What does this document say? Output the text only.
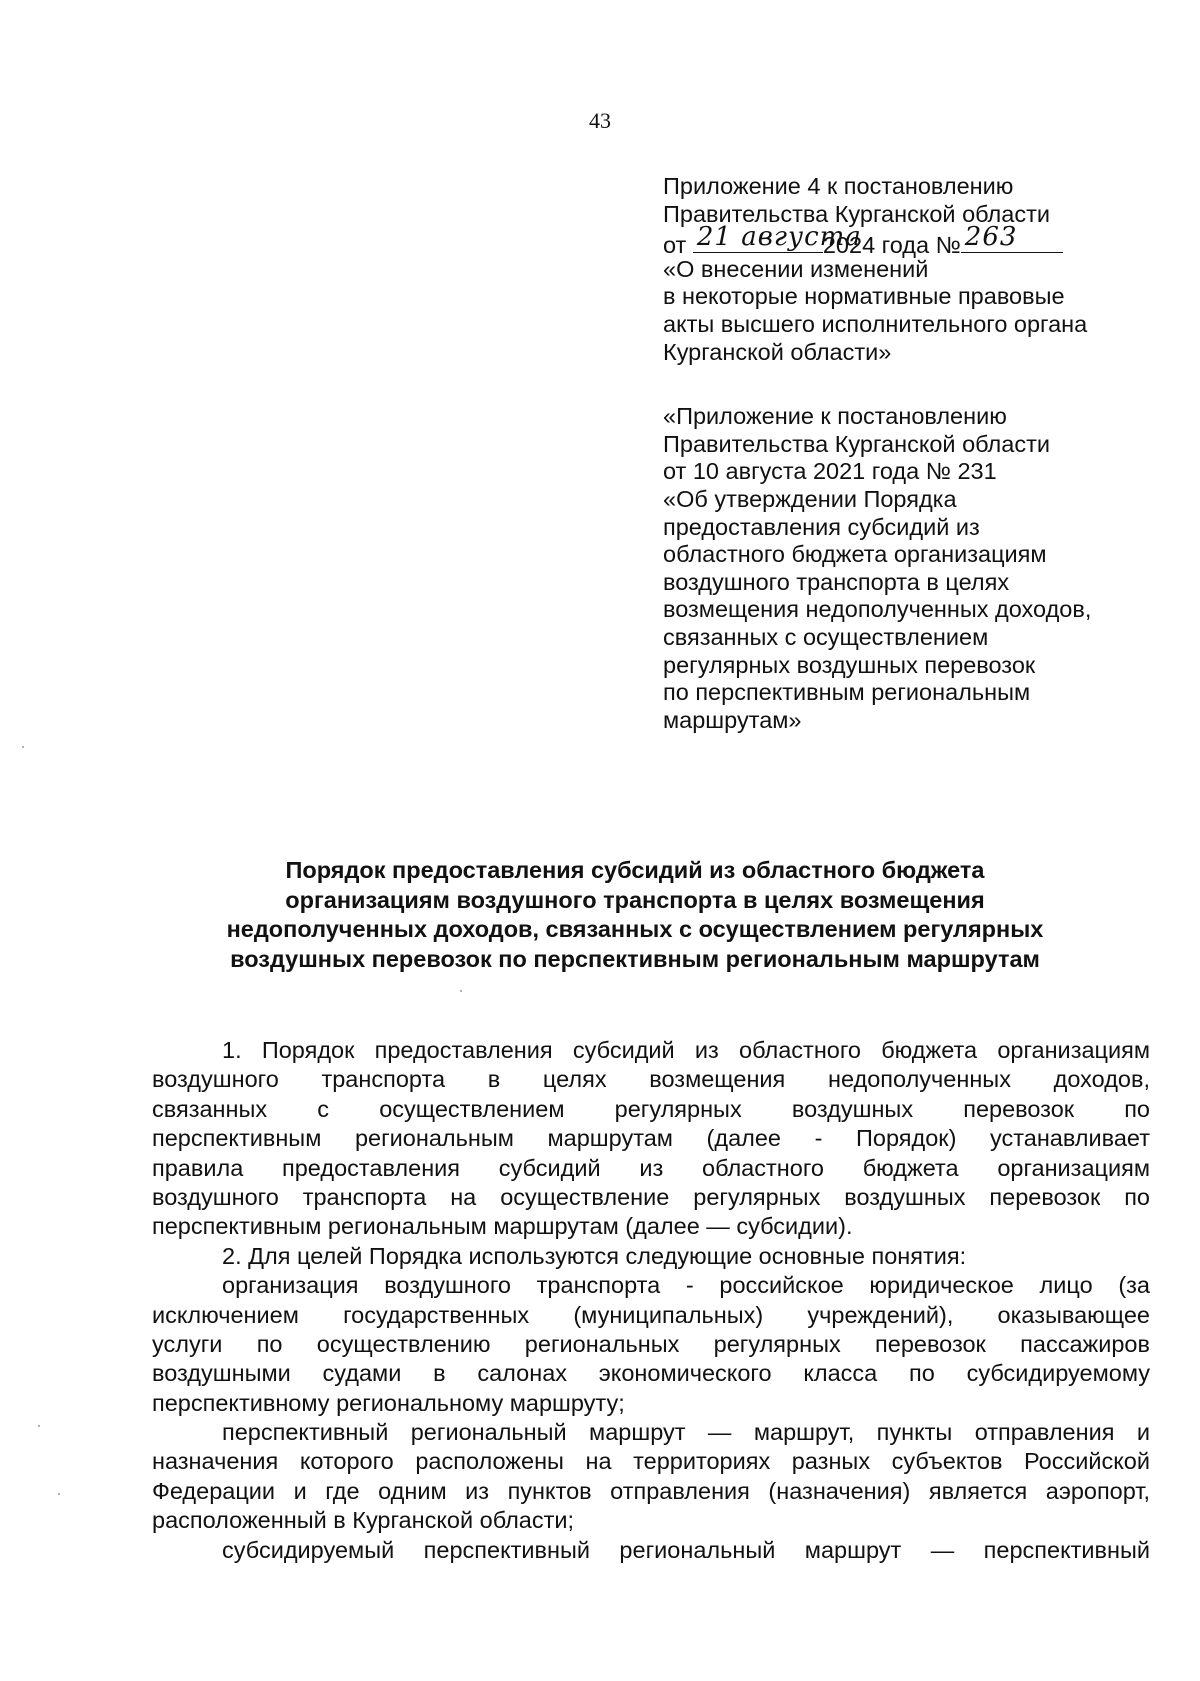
43
Приложение 4 к постановлению
Правительства Курганской области
от 21 августа
2024 года № 263
«О внесении изменений
в некоторые нормативные правовые
акты высшего исполнительного органа
Курганской области»
«Приложение к постановлению
Правительства Курганской области
от 10 августа 2021 года № 231
«Об утверждении Порядка
предоставления субсидий из
областного бюджета организациям
воздушного транспорта в целях
возмещения недополученных доходов,
связанных с осуществлением
регулярных воздушных перевозок
по перспективным региональным
маршрутам»
Порядок предоставления субсидий из областного бюджета
организациям воздушного транспорта в целях возмещения
недополученных доходов, связанных с осуществлением регулярных
воздушных перевозок по перспективным региональным маршрутам
1. Порядок предоставления субсидий из областного бюджета организациям
воздушного транспорта в целях возмещения недополученных доходов,
связанных с осуществлением регулярных воздушных перевозок по
перспективным региональным маршрутам (далее - Порядок) устанавливает
правила предоставления субсидий из областного бюджета организациям
воздушного транспорта на осуществление регулярных воздушных перевозок по
перспективным региональным маршрутам (далее — субсидии).
2. Для целей Порядка используются следующие основные понятия:
организация воздушного транспорта - российское юридическое лицо (за
исключением государственных (муниципальных) учреждений), оказывающее
услуги по осуществлению региональных регулярных перевозок пассажиров
воздушными судами в салонах экономического класса по субсидируемому
перспективному региональному маршруту;
перспективный региональный маршрут — маршрут, пункты отправления и
назначения которого расположены на территориях разных субъектов Российской
Федерации и где одним из пунктов отправления (назначения) является аэропорт,
расположенный в Курганской области;
субсидируемый перспективный региональный маршрут — перспективный
